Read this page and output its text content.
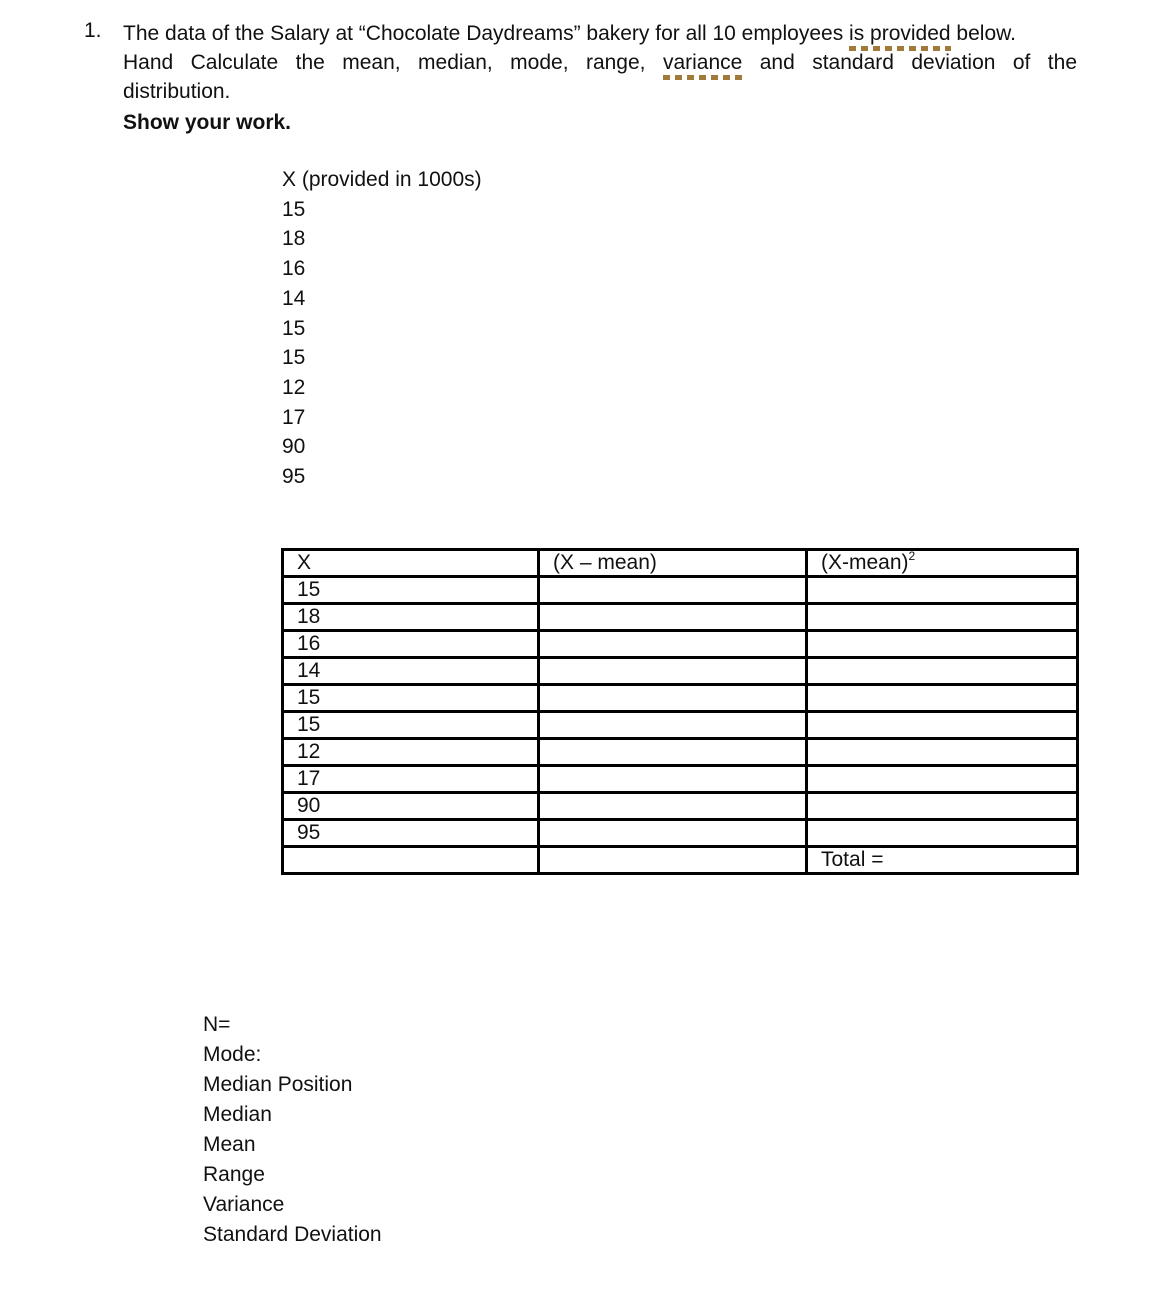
1. The data of the Salary at “Chocolate Daydreams” bakery for all 10 employees is provided below.
Hand Calculate the mean, median, mode, range, variance and standard deviation of the
distribution.
Show your work.
X (provided in 1000s)
15
18
16
14
15
15
12
17
90
95
X	(X – mean)	(X-mean)$^2$
15		
18		
16		
14		
15		
15		
12		
17		
90		
95		
		Total =
N=
Mode:
Median Position
Median
Mean
Range
Variance
Standard Deviation
